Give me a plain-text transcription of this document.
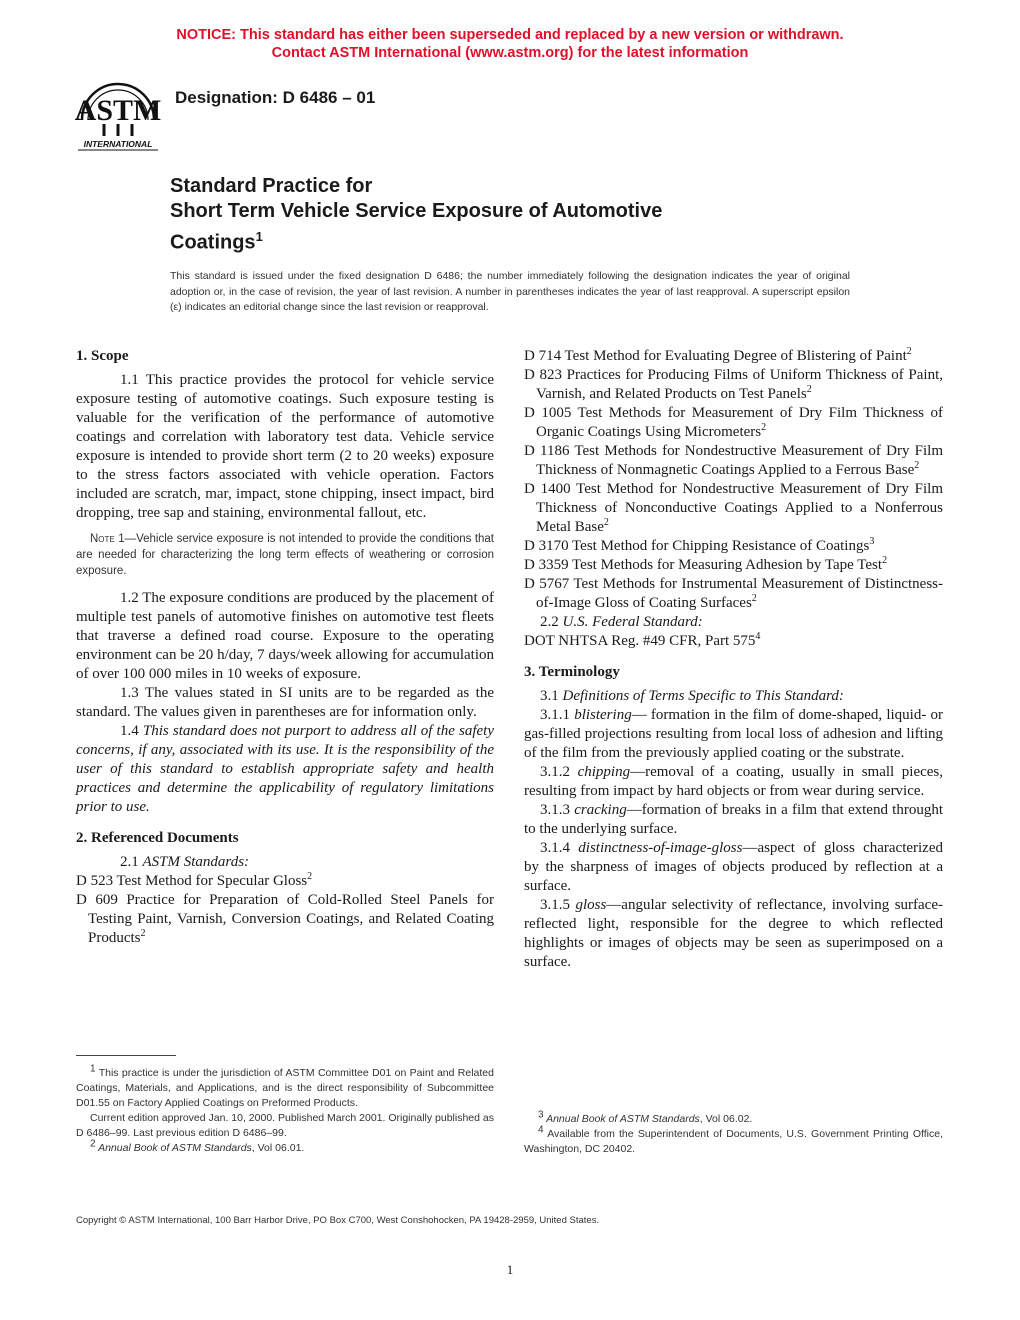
NOTICE: This standard has either been superseded and replaced by a new version or withdrawn.
Contact ASTM International (www.astm.org) for the latest information
ASTM
INTERNATIONAL
Designation: D 6486 – 01
Standard Practice for
Short Term Vehicle Service Exposure of Automotive
Coatings$^1$
This standard is issued under the fixed designation D 6486; the number immediately following the designation indicates the year of original adoption or, in the case of revision, the year of last revision. A number in parentheses indicates the year of last reapproval. A superscript epsilon (ε) indicates an editorial change since the last revision or reapproval.
1. Scope

1.1 This practice provides the protocol for vehicle service exposure testing of automotive coatings. Such exposure testing is valuable for the verification of the performance of automotive coatings and correlation with laboratory test data. Vehicle service exposure is intended to provide short term (2 to 20 weeks) exposure to the stress factors associated with vehicle operation. Factors included are scratch, mar, impact, stone chipping, insect impact, bird dropping, tree sap and staining, environmental fallout, etc.

Note 1—Vehicle service exposure is not intended to provide the conditions that are needed for characterizing the long term effects of weathering or corrosion exposure.

1.2 The exposure conditions are produced by the placement of multiple test panels of automotive finishes on automotive test fleets that traverse a defined road course. Exposure to the operating environment can be 20 h/day, 7 days/week allowing for accumulation of over 100 000 miles in 10 weeks of exposure.

1.3 The values stated in SI units are to be regarded as the standard. The values given in parentheses are for information only.

1.4 This standard does not purport to address all of the safety concerns, if any, associated with its use. It is the responsibility of the user of this standard to establish appropriate safety and health practices and determine the applicability of regulatory limitations prior to use.

2. Referenced Documents

2.1 ASTM Standards:

D 523 Test Method for Specular Gloss$^2$

D 609 Practice for Preparation of Cold-Rolled Steel Panels for Testing Paint, Varnish, Conversion Coatings, and Related Coating Products$^2$

D 714 Test Method for Evaluating Degree of Blistering of Paint$^2$

D 823 Practices for Producing Films of Uniform Thickness of Paint, Varnish, and Related Products on Test Panels$^2$

D 1005 Test Methods for Measurement of Dry Film Thickness of Organic Coatings Using Micrometers$^2$

D 1186 Test Methods for Nondestructive Measurement of Dry Film Thickness of Nonmagnetic Coatings Applied to a Ferrous Base$^2$

D 1400 Test Method for Nondestructive Measurement of Dry Film Thickness of Nonconductive Coatings Applied to a Nonferrous Metal Base$^2$

D 3170 Test Method for Chipping Resistance of Coatings$^3$

D 3359 Test Methods for Measuring Adhesion by Tape Test$^2$

D 5767 Test Methods for Instrumental Measurement of Distinctness-of-Image Gloss of Coating Surfaces$^2$

2.2 U.S. Federal Standard:

DOT NHTSA Reg. #49 CFR, Part $575^4$

3. Terminology

3.1 Definitions of Terms Specific to This Standard:

3.1.1 blistering— formation in the film of dome-shaped, liquid- or gas-filled projections resulting from local loss of adhesion and lifting of the film from the previously applied coating or the substrate.

3.1.2 chipping—removal of a coating, usually in small pieces, resulting from impact by hard objects or from wear during service.

3.1.3 cracking—formation of breaks in a film that extend throught to the underlying surface.

3.1.4 distinctness-of-image-gloss—aspect of gloss characterized by the sharpness of images of objects produced by reflection at a surface.

3.1.5 gloss—angular selectivity of reflectance, involving surface-reflected light, responsible for the degree to which reflected highlights or images of objects may be seen as superimposed on a surface.

1 This practice is under the jurisdiction of ASTM Committee D01 on Paint and Related Coatings, Materials, and Applications, and is the direct responsibility of Subcommittee D01.55 on Factory Applied Coatings on Preformed Products.

Current edition approved Jan. 10, 2000. Published March 2001. Originally published as D 6486–99. Last previous edition D 6486–99.

2 Annual Book of ASTM Standards, Vol 06.01.

3 Annual Book of ASTM Standards, Vol 06.02.

4 Available from the Superintendent of Documents, U.S. Government Printing Office, Washington, DC 20402.

Copyright © ASTM International, 100 Barr Harbor Drive, PO Box C700, West Conshohocken, PA 19428-2959, United States.
1
